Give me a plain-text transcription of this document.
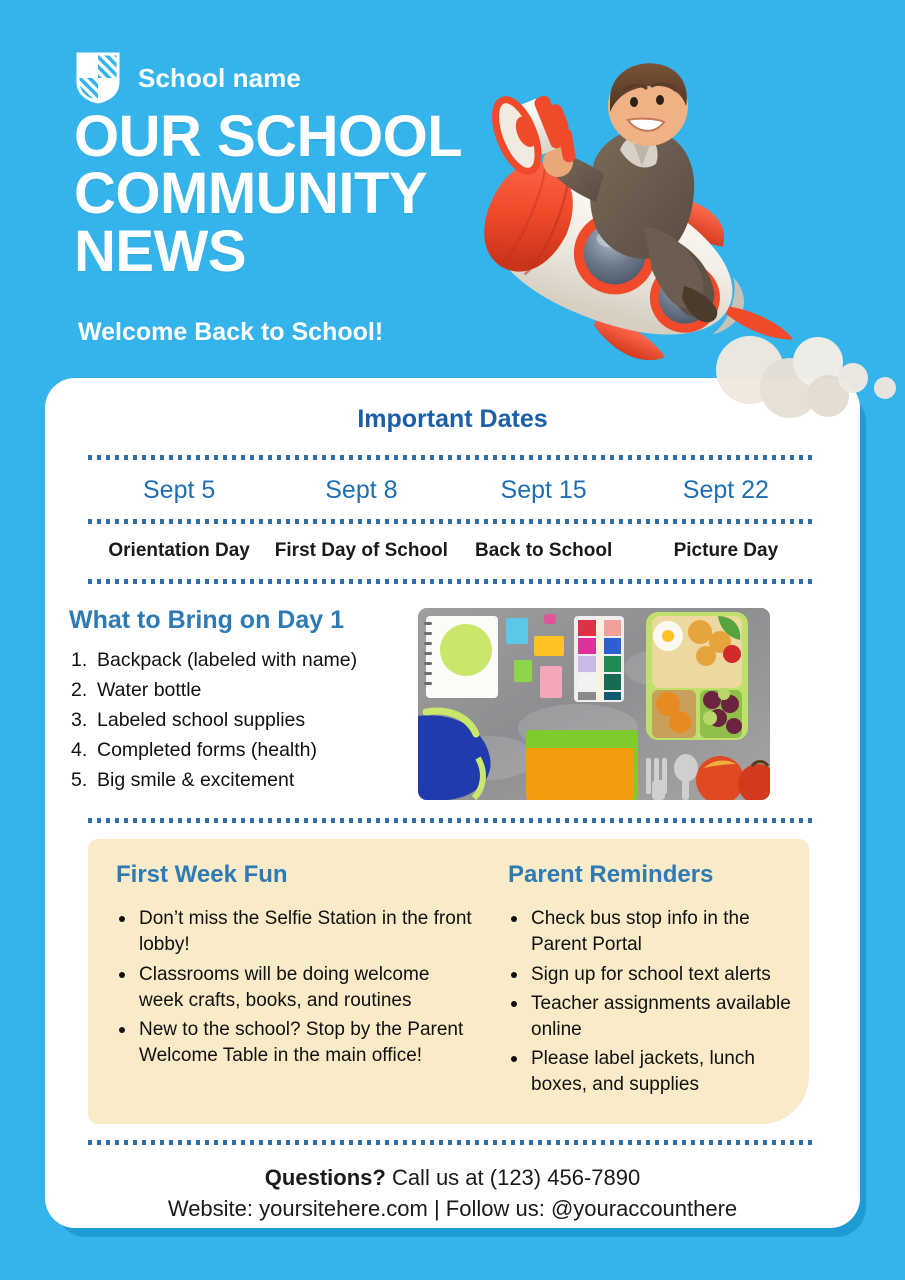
School name
OUR SCHOOL
COMMUNITY
NEWS
Welcome Back to School!
Important Dates
Sept 5	Sept 8	Sept 15	Sept 22
Orientation Day	First Day of School	Back to School	Picture Day
What to Bring on Day 1
Backpack (labeled with name)
Water bottle
Labeled school supplies
Completed forms (health)
Big smile & excitement
First Week Fun
Don’t miss the Selfie Station in the front lobby!
Classrooms will be doing welcome week crafts, books, and routines
New to the school? Stop by the Parent Welcome Table in the main office!
Parent Reminders
Check bus stop info in the Parent Portal
Sign up for school text alerts
Teacher assignments available online
Please label jackets, lunch boxes, and supplies
Questions? Call us at (123) 456-7890
Website: yoursitehere.com | Follow us: @youraccounthere
